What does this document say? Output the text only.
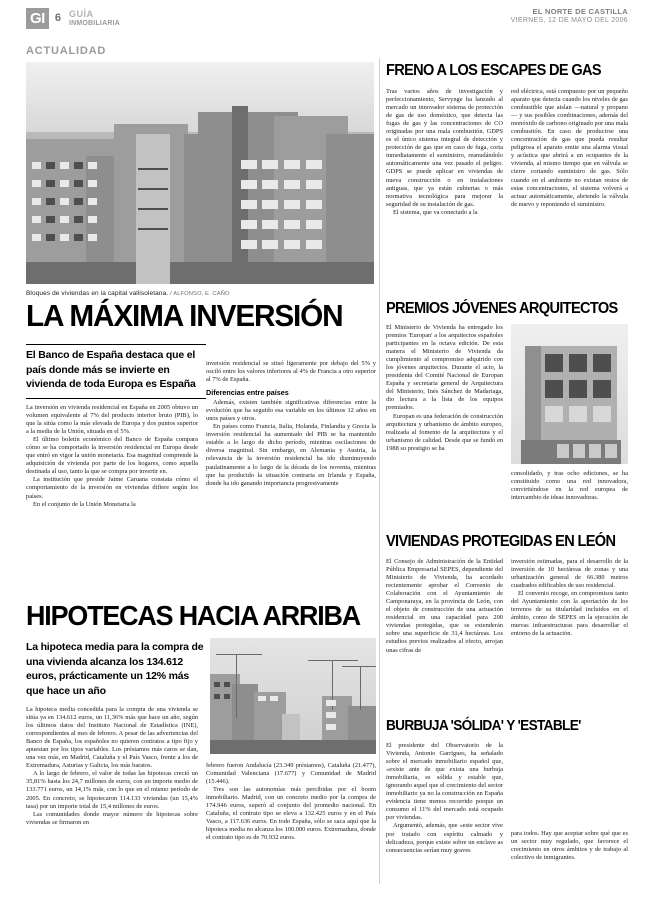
GI 6 GUÍA
INMOBILIARIA
EL NORTE DE CASTILLA
VIERNES, 12 DE MAYO DEL 2006
ACTUALIDAD
Bloques de viviendas en la capital vallisoletana. / ALFONSO. E. CAÑO
LA MÁXIMA INVERSIÓN
El Banco de España destaca que el país donde más se invierte en vivienda de toda Europa es España

La inversión en vivienda residencial en España en 2005 obtuvo un volumen equivalente al 7% del producto interior bruto (PIB), lo que la sitúa como la más elevada de Europa y dos puntos superior a la media de la Unión, situada en el 5%.

El último boletín económico del Banco de España compara cómo se ha comportado la inversión residencial en Europa desde que entró en vigor la unión monetaria. Esa magnitud comprende la adquisición de vivienda por parte de los hogares, como aquella destinada al uso, tanto la que se compra por invertir en.

La institución que preside Jaime Caruana constata cómo el comportamiento de la inversión en viviendas difiere según los países.

En el conjunto de la Unión Monetaria la

inversión residencial se situó ligeramente por debajo del 5% y osciló entre los valores inferiores al 4% de Francia a otro superior al 7% de España.

Diferencias entre países

Además, existen también significativas diferencias entre la evolución que ha seguido esa variable en los últimos 12 años en unos países y otros.

En países como Francia, Italia, Holanda, Finlandia y Grecia la inversión residencial ha aumentado del PIB se ha mantenido estable a lo largo de dicho período, mientras oscilaciones de diversa magnitud. Sin embargo, en Alemania y Austria, la relevancia de la inversión residencial ha ido disminuyendo paulatinamente a lo largo de la década de los noventa, mientras que ha producido la situación contraria en Irlanda y España, donde ha ido ganando importancia progresivamente

HIPOTECAS HACIA ARRIBA
La hipoteca media para la compra de una vivienda alcanza los 134.612 euros, prácticamente un 12% más que hace un año

La hipoteca media concedida para la compra de una vivienda se sitúa ya en 134.612 euros, un 11,36% más que hace un año, según los últimos datos del Instituto Nacional de Estadística (INE), correspondientes al mes de febrero. A pesar de las advertencias del Banco de España, los españoles no quieren contratos a tipo fijo y apuestan por los tipos variables. Los préstamos más caros se dan, una vez más, en Madrid, Cataluña y el País Vasco, frente a los de Extremadura, Asturias y Galicia, los más baratos.

A lo largo de febrero, el valor de todas las hipotecas creció un 35,81% hasta los 24,7 millones de euros, con un importe medio de 133.771 euros, un 14,1% más, con lo que en el mismo período de 2005. En concreto, se hipotecaron 114.133 viviendas (un 15,4% tasa) por un importe total de 15,4 millones de euros.

Las comunidades donde mayor número de hipotecas sobre viviendas se firmaron en

febrero fueron Andalucía (23.349 préstamos), Cataluña (21.477), Comunidad Valenciana (17.677) y Comunidad de Madrid (15.446).

Tres son las autonomías más percibidas por el boom inmobiliario. Madrid, con un concreto medio por la compra de 174.946 euros, superó al conjunto del promedio nacional. En Cataluña, el contrato tipo se eleva a 132.425 euros y en el País Vasco, a 117.636 euros. En todo España, sólo se saca aquí que la hipoteca media no alcanza los 100.000 euros. Extremadura, donde el contrato tipo es de 70.932 euros.

FRENO A LOS ESCAPES DE GAS

Tras varios años de investigación y perfeccionamiento, Servynge ha lanzado al mercado un innovador sistema de protección de gas de uso doméstico, que detecta las fugas de gas y las concentraciones de CO originadas por una mala combustión. GDPS es el único sistema integral de detección y protección de gas que en caso de fuga, corta inmediatamente el suministro, reanudándolo automáticamente una vez pasado el peligro. GDPS se puede aplicar en viviendas de nueva construcción o en instalaciones antiguas, que ya están cubiertas o más normativa tecnológica para mejorar la seguridad de su instalación de gas.

El sistema, que va conectado a la

red eléctrica, está compuesto por un pequeño aparato que detecta cuando los niveles de gas combustible que aislan —natural y propano— y sus posibles combinaciones, además del monóxido de carbono originado por una mala combustión. En caso de producirse una concentración de gas que pueda resultar peligrosa el aparato emite una alarma visual y acústica que abrirá a un ocupantes de la vivienda, al mismo tiempo que en válvula se cierre cortando suministro de gas. Sólo cuando en el ambiente no existan restos de estas concentraciones, el sistema volverá a actuar automáticamente, abriendo la válvula de nuevo y reponiendo el suministro.

PREMIOS JÓVENES ARQUITECTOS

El Ministerio de Vivienda ha entregado los premios 'Europan' a los arquitectos españoles participantes en la octava edición. De esta manera el Ministerio de Vivienda da cumplimiento al compromiso adquirido con los jóvenes arquitectos. Durante el acto, la presidenta del Comité Nacional de Europan España y secretaria general de Arquitectura del Ministerio, Inés Sánchez de Madariaga, dio lectura a la lista de los equipos premiados.

Europan es una federación de construcción arquitectura y urbanismo de ámbito europeo, realizada al fomento de la arquitectura y el urbanismo de calidad. Desde que se fundó en 1988 su prestigio se ha

consolidado, y tras ocho ediciones, se ha constituido como una red innovadora, convirtiéndose en la red europea de intercambio de ideas innovadoras.

VIVIENDAS PROTEGIDAS EN LEÓN

El Consejo de Administración de la Entidad Pública Empresarial SEPES, dependiente del Ministerio de Vivienda, ha acordado recientemente aprobar el Convenio de Colaboración con el Ayuntamiento de Camponaraya, en la provincia de León, con el objeto de construcción de una actuación residencial en una capacidad para 200 viviendas protegidas, que se extenderán sobre una superficie de 31,4 hectáreas. Los estudios previos realizados al efecto, arrojan unas cifras de

inversión estimadas, para el desarrollo de la inversión de 10 hectáreas de zonas y una urbanización general de 66.380 metros cuadrados edificables de uso residencial.

El convenio recoge, en compromisos tanto del Ayuntamiento con la aportación de los terrenos de su titularidad incluidos en el ámbito, como de SEPES en la ejecución de nuevas infraestructuras para desarrollar el entorno de la actuación.

BURBUJA 'SÓLIDA' Y 'ESTABLE'

El presidente del Observatorio de la Vivienda, Antonio Garrigues, ha señalado sobre el mercado inmobiliario español que, «existe ante de que exista una burbuja inmobiliaria, es sólida y estable que, ignorando aquel que el crecimiento del sector inmobiliario ya no la construcción en España evidencia tiene menos recorrido porque un consumo el 11% del mercado está ocupado por viviendas.

Argumentó, además, que «este sector vive por tratado con espíritu calmado y delicadeza, porque existe sobre un enclave as consecuencias serían muy graves

para todos. Hay que aceptar sobre qué que es un sector muy regulado, que favorece el crecimiento en otros ámbitos y de trabajo al colectivo de inmigrantes.
